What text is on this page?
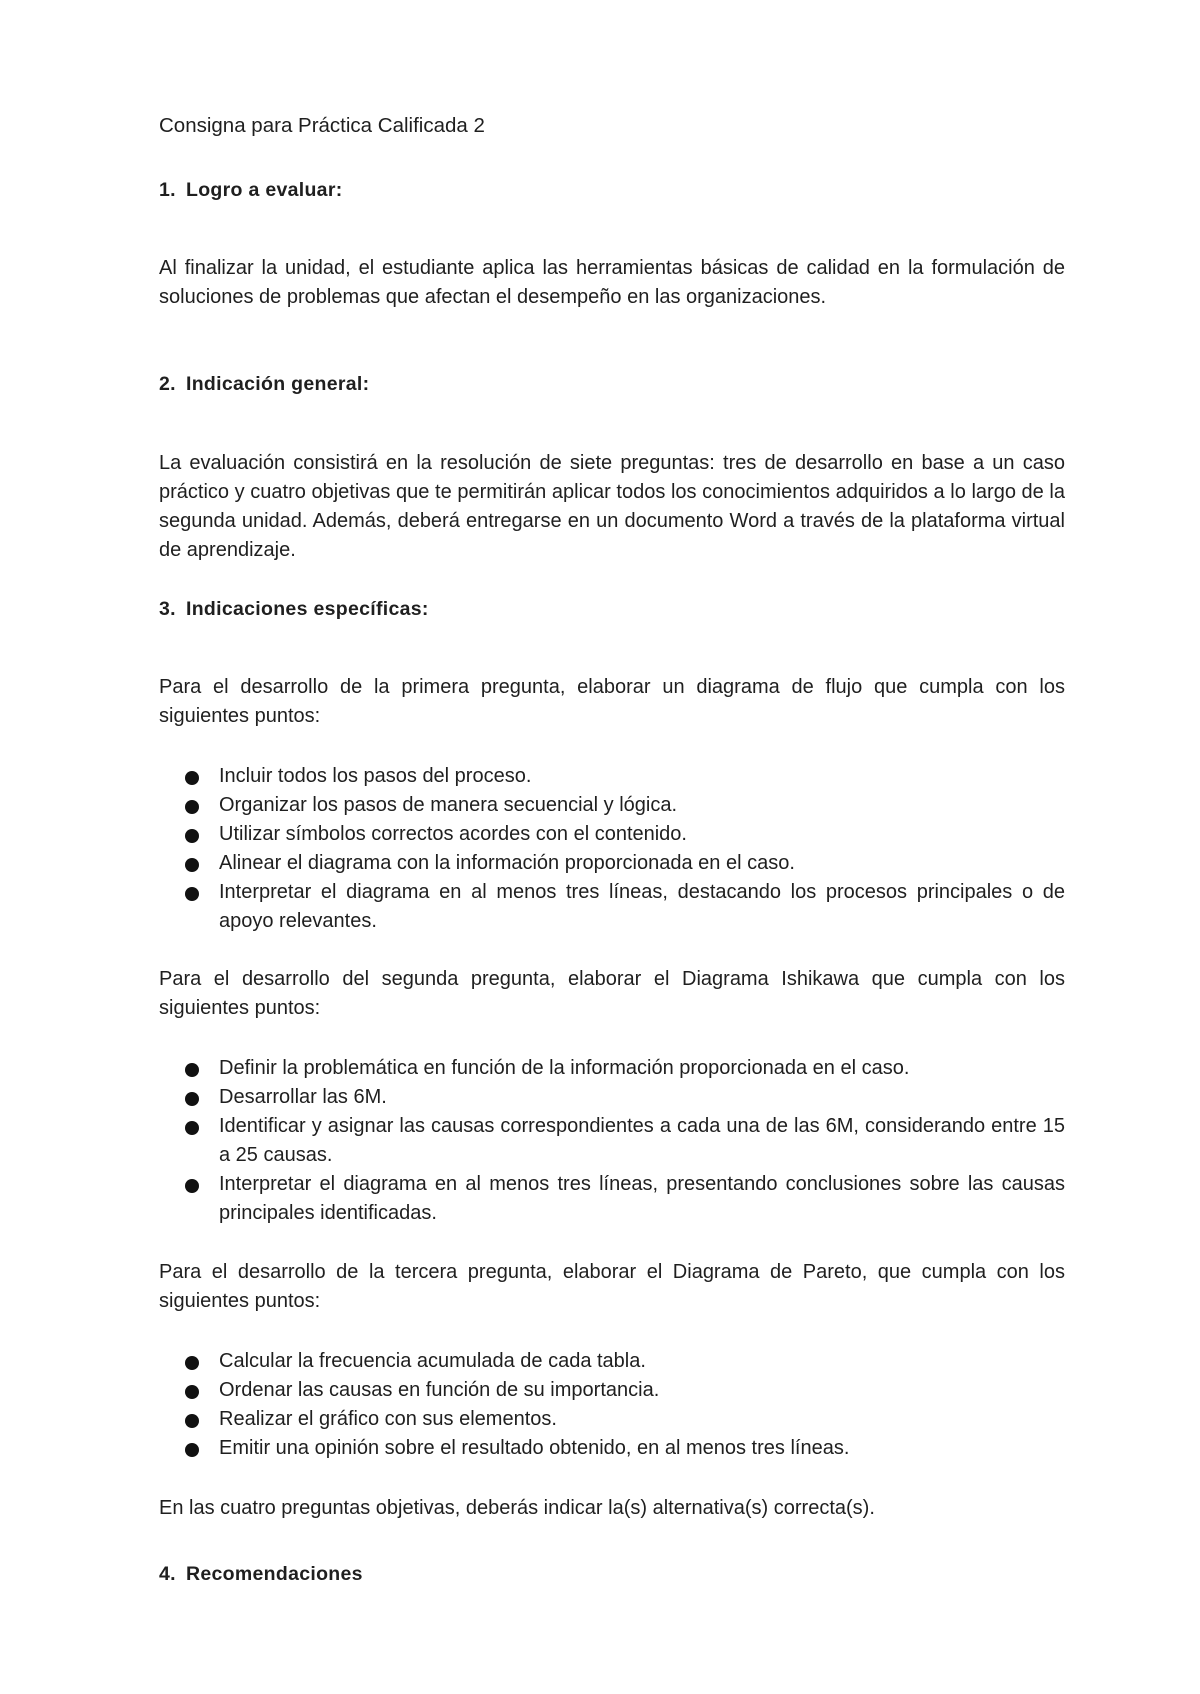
Consigna para Práctica Calificada 2
1. Logro a evaluar:
Al finalizar la unidad, el estudiante aplica las herramientas básicas de calidad en la formulación de soluciones de problemas que afectan el desempeño en las organizaciones.
2. Indicación general:
La evaluación consistirá en la resolución de siete preguntas: tres de desarrollo en base a un caso práctico y cuatro objetivas que te permitirán aplicar todos los conocimientos adquiridos a lo largo de la segunda unidad. Además, deberá entregarse en un documento Word a través de la plataforma virtual de aprendizaje.
3. Indicaciones específicas:
Para el desarrollo de la primera pregunta, elaborar un diagrama de flujo que cumpla con los siguientes puntos:
Incluir todos los pasos del proceso.
Organizar los pasos de manera secuencial y lógica.
Utilizar símbolos correctos acordes con el contenido.
Alinear el diagrama con la información proporcionada en el caso.
Interpretar el diagrama en al menos tres líneas, destacando los procesos principales o de apoyo relevantes.
Para el desarrollo del segunda pregunta, elaborar el Diagrama Ishikawa que cumpla con los siguientes puntos:
Definir la problemática en función de la información proporcionada en el caso.
Desarrollar las 6M.
Identificar y asignar las causas correspondientes a cada una de las 6M, considerando entre 15 a 25 causas.
Interpretar el diagrama en al menos tres líneas, presentando conclusiones sobre las causas principales identificadas.
Para el desarrollo de la tercera pregunta, elaborar el Diagrama de Pareto, que cumpla con los siguientes puntos:
Calcular la frecuencia acumulada de cada tabla.
Ordenar las causas en función de su importancia.
Realizar el gráfico con sus elementos.
Emitir una opinión sobre el resultado obtenido, en al menos tres líneas.
En las cuatro preguntas objetivas, deberás indicar la(s) alternativa(s) correcta(s).
4. Recomendaciones
